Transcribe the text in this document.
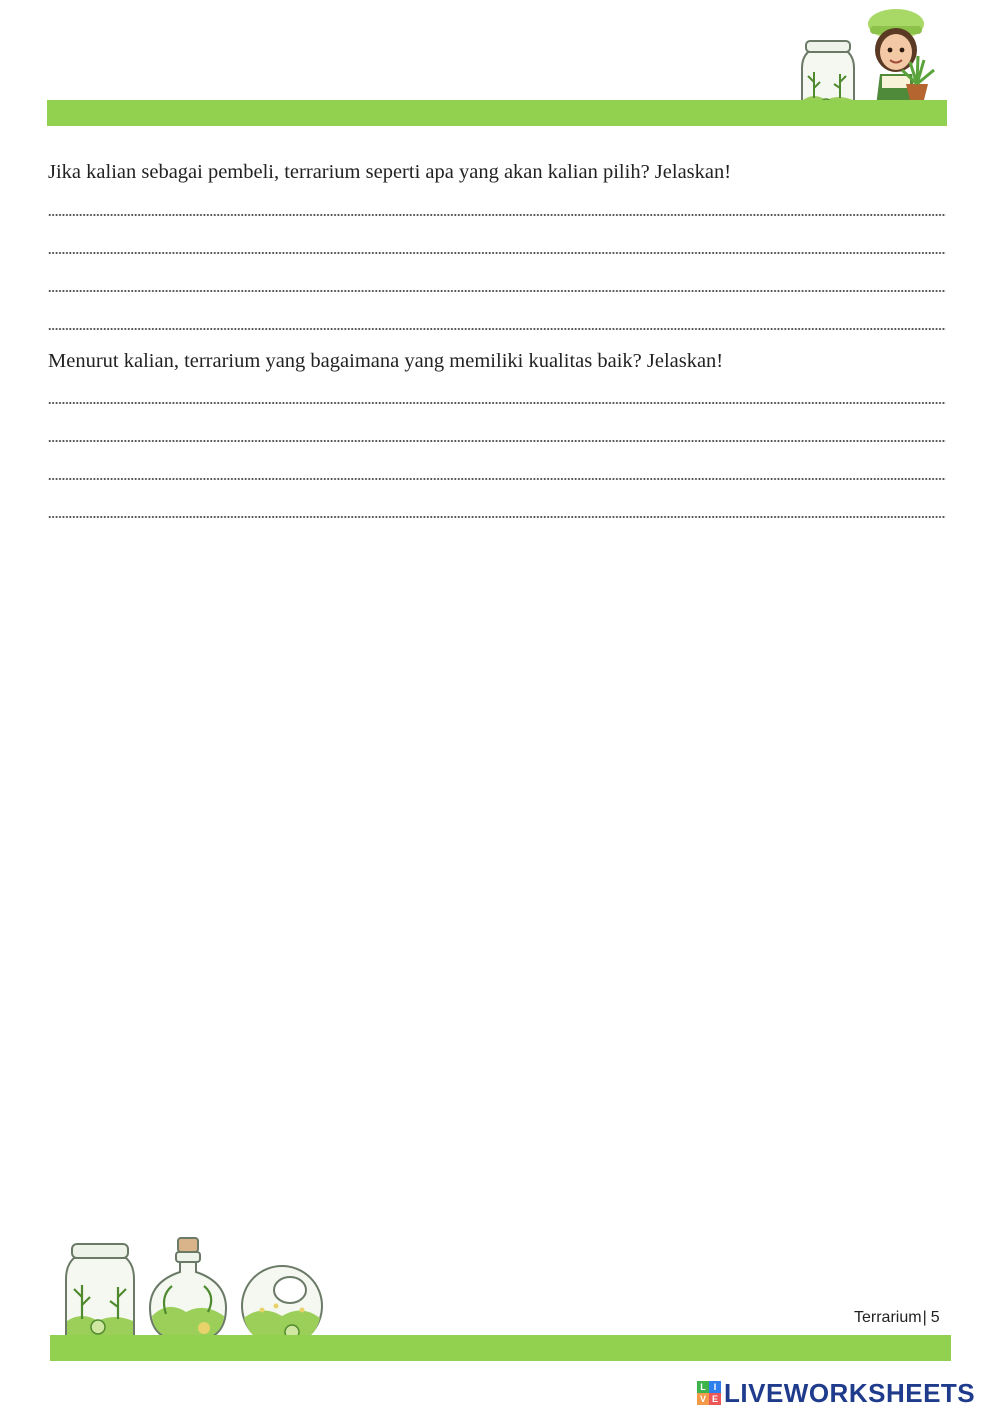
Jika kalian sebagai pembeli, terrarium seperti apa yang akan kalian pilih? Jelaskan!
Menurut kalian, terrarium yang bagaimana yang memiliki kualitas baik? Jelaskan!
Terrarium| 5
L I
V E LIVEWORKSHEETS
